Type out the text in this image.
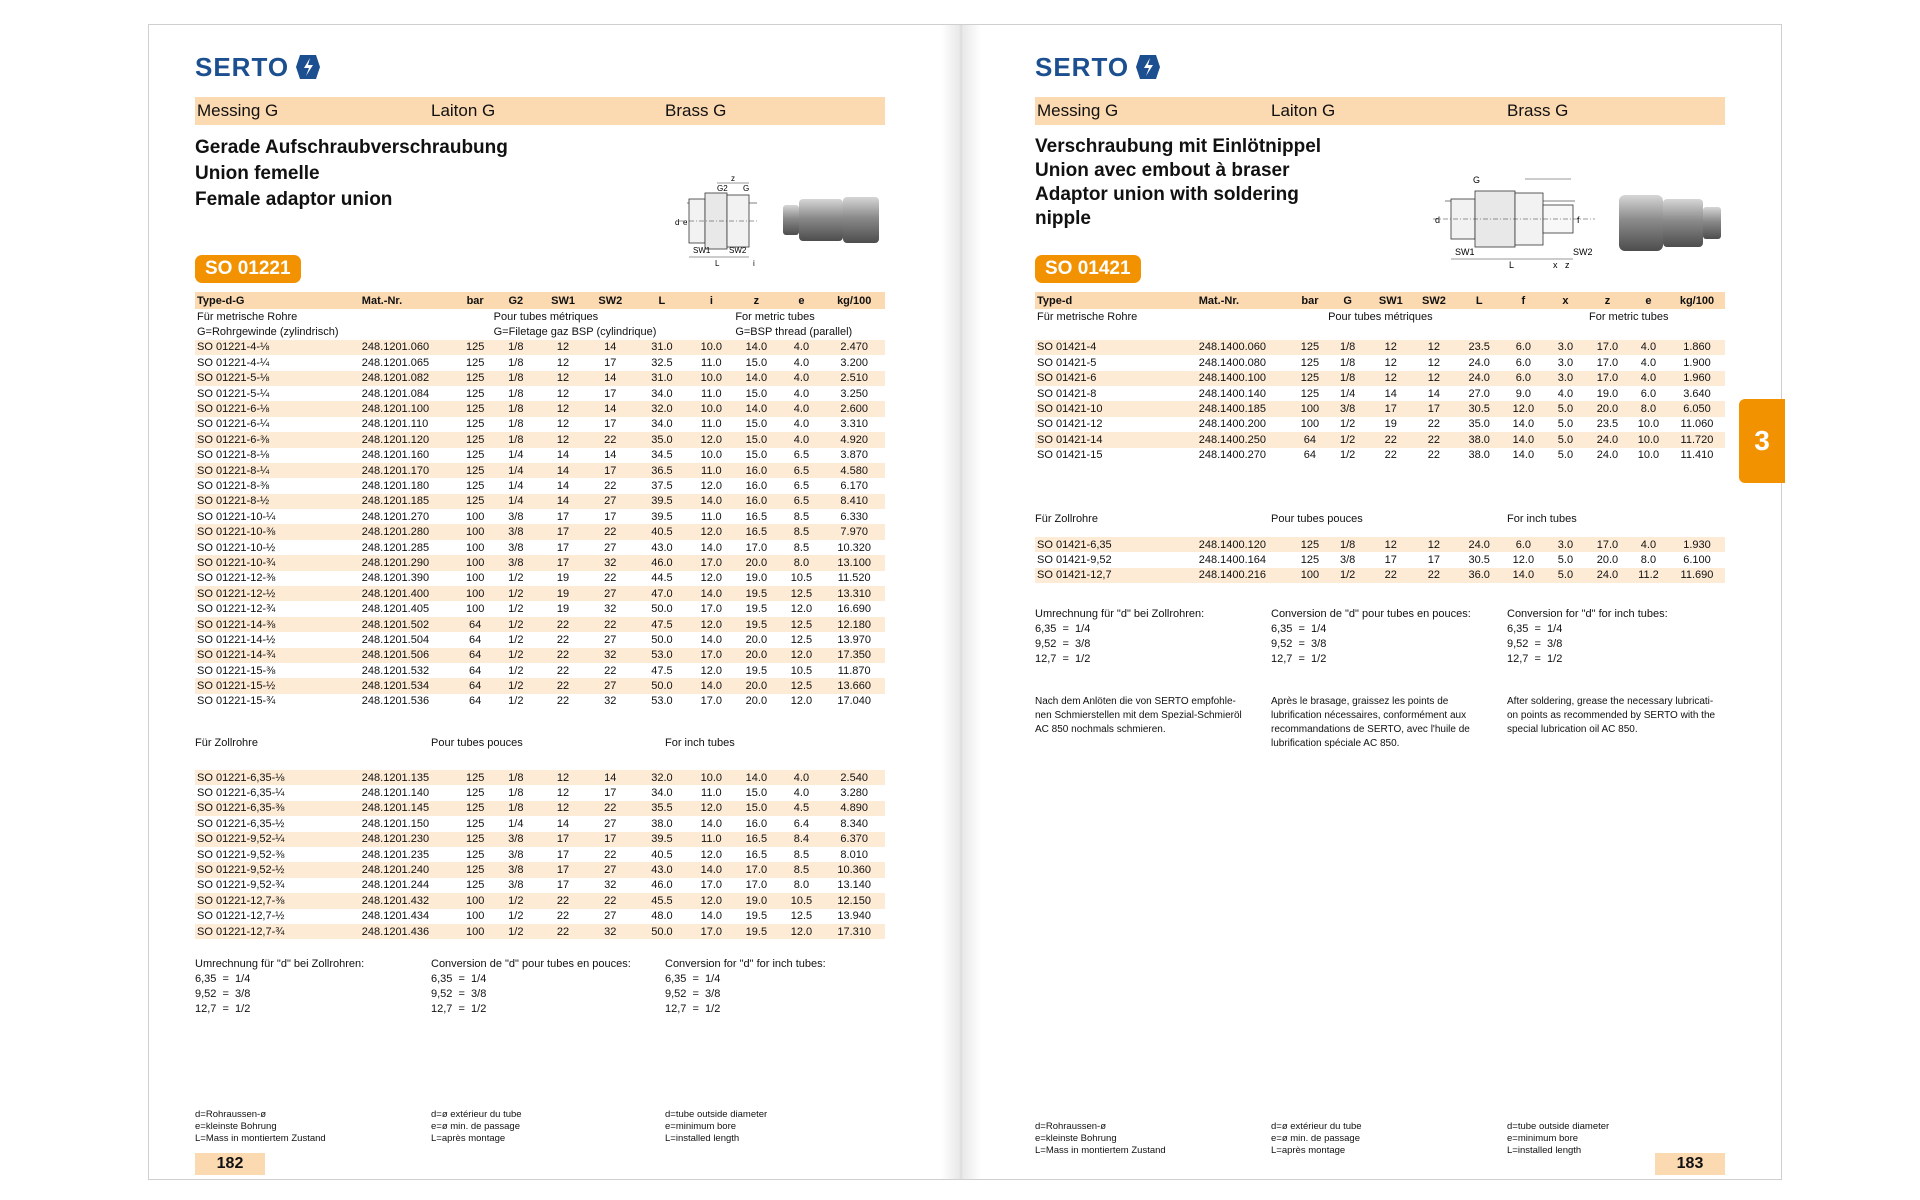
SERTO
Messing G	Laiton G	Brass G
Gerade Aufschraubverschraubung
Union femelle
Female adaptor union
z
G2 G
d e
SW1 SW2
L	i
SO 01221
Type-d-G	Mat.-Nr.	bar	G2	SW1	SW2	L	i	z	e	kg/100
Für metrische Rohre			Pour tubes métriques					For metric tubes		
G=Rohrgewinde (zylindrisch)			G=Filetage gaz BSP (cylindrique)					G=BSP thread (parallel)		
SO 01221-4-⅛	248.1201.060	125	1/8	12	14	31.0	10.0	14.0	4.0	2.470
SO 01221-4-¼	248.1201.065	125	1/8	12	17	32.5	11.0	15.0	4.0	3.200
SO 01221-5-⅛	248.1201.082	125	1/8	12	14	31.0	10.0	14.0	4.0	2.510
SO 01221-5-¼	248.1201.084	125	1/8	12	17	34.0	11.0	15.0	4.0	3.250
SO 01221-6-⅛	248.1201.100	125	1/8	12	14	32.0	10.0	14.0	4.0	2.600
SO 01221-6-¼	248.1201.110	125	1/8	12	17	34.0	11.0	15.0	4.0	3.310
SO 01221-6-⅜	248.1201.120	125	1/8	12	22	35.0	12.0	15.0	4.0	4.920
SO 01221-8-⅛	248.1201.160	125	1/4	14	14	34.5	10.0	15.0	6.5	3.870
SO 01221-8-¼	248.1201.170	125	1/4	14	17	36.5	11.0	16.0	6.5	4.580
SO 01221-8-⅜	248.1201.180	125	1/4	14	22	37.5	12.0	16.0	6.5	6.170
SO 01221-8-½	248.1201.185	125	1/4	14	27	39.5	14.0	16.0	6.5	8.410
SO 01221-10-¼	248.1201.270	100	3/8	17	17	39.5	11.0	16.5	8.5	6.330
SO 01221-10-⅜	248.1201.280	100	3/8	17	22	40.5	12.0	16.5	8.5	7.970
SO 01221-10-½	248.1201.285	100	3/8	17	27	43.0	14.0	17.0	8.5	10.320
SO 01221-10-¾	248.1201.290	100	3/8	17	32	46.0	17.0	20.0	8.0	13.100
SO 01221-12-⅜	248.1201.390	100	1/2	19	22	44.5	12.0	19.0	10.5	11.520
SO 01221-12-½	248.1201.400	100	1/2	19	27	47.0	14.0	19.5	12.5	13.310
SO 01221-12-¾	248.1201.405	100	1/2	19	32	50.0	17.0	19.5	12.0	16.690
SO 01221-14-⅜	248.1201.502	64	1/2	22	22	47.5	12.0	19.5	12.5	12.180
SO 01221-14-½	248.1201.504	64	1/2	22	27	50.0	14.0	20.0	12.5	13.970
SO 01221-14-¾	248.1201.506	64	1/2	22	32	53.0	17.0	20.0	12.0	17.350
SO 01221-15-⅜	248.1201.532	64	1/2	22	22	47.5	12.0	19.5	10.5	11.870
SO 01221-15-½	248.1201.534	64	1/2	22	27	50.0	14.0	20.0	12.5	13.660
SO 01221-15-¾	248.1201.536	64	1/2	22	32	53.0	17.0	20.0	12.0	17.040
SO 01221-6,35-⅛	248.1201.135	125	1/8	12	14	32.0	10.0	14.0	4.0	2.540
SO 01221-6,35-¼	248.1201.140	125	1/8	12	17	34.0	11.0	15.0	4.0	3.280
SO 01221-6,35-⅜	248.1201.145	125	1/8	12	22	35.5	12.0	15.0	4.5	4.890
SO 01221-6,35-½	248.1201.150	125	1/4	14	27	38.0	14.0	16.0	6.4	8.340
SO 01221-9,52-¼	248.1201.230	125	3/8	17	17	39.5	11.0	16.5	8.4	6.370
SO 01221-9,52-⅜	248.1201.235	125	3/8	17	22	40.5	12.0	16.5	8.5	8.010
SO 01221-9,52-½	248.1201.240	125	3/8	17	27	43.0	14.0	17.0	8.5	10.360
SO 01221-9,52-¾	248.1201.244	125	3/8	17	32	46.0	17.0	17.0	8.0	13.140
SO 01221-12,7-⅜	248.1201.432	100	1/2	22	22	45.5	12.0	19.0	10.5	12.150
SO 01221-12,7-½	248.1201.434	100	1/2	22	27	48.0	14.0	19.5	12.5	13.940
SO 01221-12,7-¾	248.1201.436	100	1/2	22	32	50.0	17.0	19.5	12.0	17.310
Für Zollrohre	Pour tubes pouces	For inch tubes
Umrechnung für "d" bei Zollrohren:
6,35  =  1/4
9,52  =  3/8
12,7  =  1/2
Conversion de "d" pour tubes en pouces:
6,35  =  1/4
9,52  =  3/8
12,7  =  1/2
Conversion for "d" for inch tubes:
6,35  =  1/4
9,52  =  3/8
12,7  =  1/2
d=Rohraussen-ø
e=kleinste Bohrung
L=Mass in montiertem Zustand
d=ø extérieur du tube
e=ø min. de passage
L=après montage
d=tube outside diameter
e=minimum bore
L=installed length
182
SERTO
Messing G	Laiton G	Brass G
Verschraubung mit Einlötnippel
Union avec embout à braser
Adaptor union with soldering
nipple
G
d	f
SW1	SW2
L	x z
SO 01421
Type-d	Mat.-Nr.	bar	G	SW1	SW2	L	f	x	z	e	kg/100
Für metrische Rohre			Pour tubes métriques						For metric tubes		

SO 01421-4	248.1400.060	125	1/8	12	12	23.5	6.0	3.0	17.0	4.0	1.860
SO 01421-5	248.1400.080	125	1/8	12	12	24.0	6.0	3.0	17.0	4.0	1.900
SO 01421-6	248.1400.100	125	1/8	12	12	24.0	6.0	3.0	17.0	4.0	1.960
SO 01421-8	248.1400.140	125	1/4	14	14	27.0	9.0	4.0	19.0	6.0	3.640
SO 01421-10	248.1400.185	100	3/8	17	17	30.5	12.0	5.0	20.0	8.0	6.050
SO 01421-12	248.1400.200	100	1/2	19	22	35.0	14.0	5.0	23.5	10.0	11.060
SO 01421-14	248.1400.250	64	1/2	22	22	38.0	14.0	5.0	24.0	10.0	11.720
SO 01421-15	248.1400.270	64	1/2	22	22	38.0	14.0	5.0	24.0	10.0	11.410
Für Zollrohre	Pour tubes pouces	For inch tubes
SO 01421-6,35	248.1400.120	125	1/8	12	12	24.0	6.0	3.0	17.0	4.0	1.930
SO 01421-9,52	248.1400.164	125	3/8	17	17	30.5	12.0	5.0	20.0	8.0	6.100
SO 01421-12,7	248.1400.216	100	1/2	22	22	36.0	14.0	5.0	24.0	11.2	11.690
Umrechnung für "d" bei Zollrohren:
6,35  =  1/4
9,52  =  3/8
12,7  =  1/2
Conversion de "d" pour tubes en pouces:
6,35  =  1/4
9,52  =  3/8
12,7  =  1/2
Conversion for "d" for inch tubes:
6,35  =  1/4
9,52  =  3/8
12,7  =  1/2
Nach dem Anlöten die von SERTO empfohle-
nen Schmierstellen mit dem Spezial-Schmieröl
AC 850 nochmals schmieren.
Après le brasage, graissez les points de
lubrification nécessaires, conformément aux
recommandations de SERTO, avec l'huile de
lubrification spéciale AC 850.
After soldering, grease the necessary lubricati-
on points as recommended by SERTO with the
special lubrication oil AC 850.
d=Rohraussen-ø
e=kleinste Bohrung
L=Mass in montiertem Zustand
d=ø extérieur du tube
e=ø min. de passage
L=après montage
d=tube outside diameter
e=minimum bore
L=installed length
183
3
